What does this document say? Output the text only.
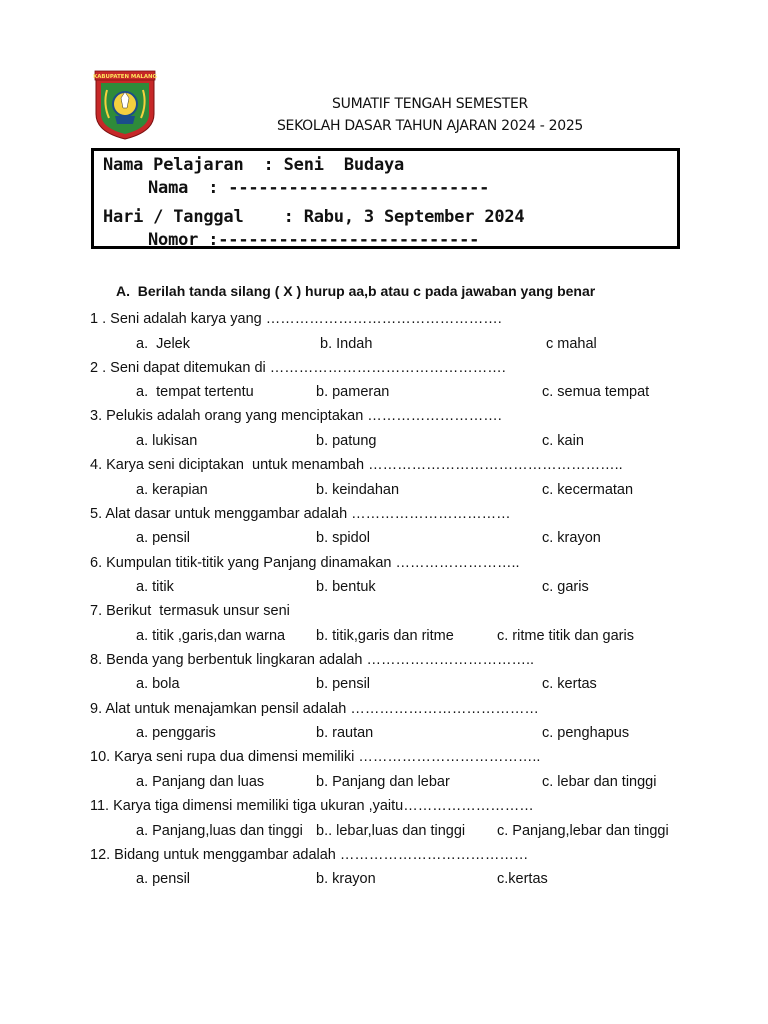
KABUPATEN MALANG
SUMATIF TENGAH SEMESTER
SEKOLAH DASAR TAHUN AJARAN 2024 - 2025
Nama Pelajaran  : Seni  Budaya
Nama  : --------------------------
Hari / Tanggal    : Rabu, 3 September 2024
Nomor :--------------------------
A.  Berilah tanda silang ( X ) hurup aa,b atau c pada jawaban yang benar
1 . Seni adalah karya yang ………………………………………….
a.  Jelek	b. Indah	c mahal
2 . Seni dapat ditemukan di ………………………………………….
a.  tempat tertentu	b. pameran	c. semua tempat
3. Pelukis adalah orang yang menciptakan ……………………….
a. lukisan	b. patung	c. kain
4. Karya seni diciptakan  untuk menambah ……………………………………………..
a. kerapian	b. keindahan	c. kecermatan
5. Alat dasar untuk menggambar adalah ……………………………
a. pensil	b. spidol	c. krayon
6. Kumpulan titik-titik yang Panjang dinamakan ……………………..
a. titik	b. bentuk	c. garis
7. Berikut  termasuk unsur seni
a. titik ,garis,dan warna b. titik,garis dan ritme	c. ritme titik dan garis
8. Benda yang berbentuk lingkaran adalah ……………………………..
a. bola	b. pensil	c. kertas
9. Alat untuk menajamkan pensil adalah …………………………………
a. penggaris	b. rautan	c. penghapus
10. Karya seni rupa dua dimensi memiliki ………………………………..
a. Panjang dan luas	b. Panjang dan lebar	c. lebar dan tinggi
11. Karya tiga dimensi memiliki tiga ukuran ,yaitu………………………
a. Panjang,luas dan tinggi b.. lebar,luas dan tinggi c. Panjang,lebar dan tinggi
12. Bidang untuk menggambar adalah …………………………………
a. pensil	b. krayon	c.kertas
